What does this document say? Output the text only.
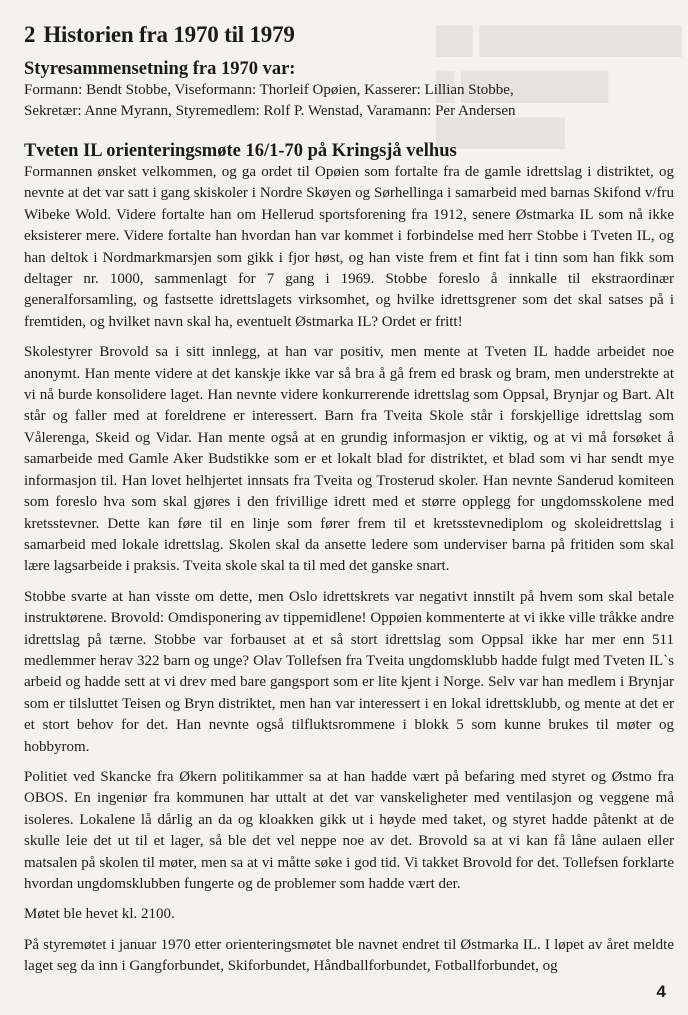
██ ███████████
█ ████████
███████
2 Historien fra 1970 til 1979
Styresammensetning fra 1970 var:

Formann: Bendt Stobbe, Viseformann: Thorleif Opøien, Kasserer: Lillian Stobbe,

Sekretær: Anne Myrann, Styremedlem: Rolf P. Wenstad, Varamann: Per Andersen

Tveten IL orienteringsmøte 16/1-70 på Kringsjå velhus

Formannen ønsket velkommen, og ga ordet til Opøien som fortalte fra de gamle idrettslag i distriktet, og nevnte at det var satt i gang skiskoler i Nordre Skøyen og Sørhellinga i samarbeid med barnas Skifond v/fru Wibeke Wold. Videre fortalte han om Hellerud sportsforening fra 1912, senere Østmarka IL som nå ikke eksisterer mere. Videre fortalte han hvordan han var kommet i forbindelse med herr Stobbe i Tveten IL, og han deltok i Nordmarkmarsjen som gikk i fjor høst, og han viste frem et fint fat i tinn som han fikk som deltager nr. 1000, sammenlagt for 7 gang i 1969. Stobbe foreslo å innkalle til ekstraordinær generalforsamling, og fastsette idrettslagets virksomhet, og hvilke idrettsgrener som det skal satses på i fremtiden, og hvilket navn skal ha, eventuelt Østmarka IL? Ordet er fritt!

Skolestyrer Brovold sa i sitt innlegg, at han var positiv, men mente at Tveten IL hadde arbeidet noe anonymt. Han mente videre at det kanskje ikke var så bra å gå frem ed brask og bram, men understrekte at vi nå burde konsolidere laget. Han nevnte videre konkurrerende idrettslag som Oppsal, Brynjar og Bart. Alt står og faller med at foreldrene er interessert. Barn fra Tveita Skole står i forskjellige idrettslag som Vålerenga, Skeid og Vidar. Han mente også at en grundig informasjon er viktig, og at vi må forsøket å samarbeide med Gamle Aker Budstikke som er et lokalt blad for distriktet, et blad som vi har sendt mye informasjon til. Han lovet helhjertet innsats fra Tveita og Trosterud skoler. Han nevnte Sanderud komiteen som foreslo hva som skal gjøres i den frivillige idrett med et større opplegg for ungdomsskolene med kretsstevner. Dette kan føre til en linje som fører frem til et kretsstevnediplom og skoleidrettslag i samarbeid med lokale idrettslag. Skolen skal da ansette ledere som underviser barna på fritiden som skal lære lagsarbeide i praksis. Tveita skole skal ta til med det ganske snart.

Stobbe svarte at han visste om dette, men Oslo idrettskrets var negativt innstilt på hvem som skal betale instruktørene. Brovold: Omdisponering av tippemidlene! Oppøien kommenterte at vi ikke ville tråkke andre idrettslag på tærne. Stobbe var forbauset at et så stort idrettslag som Oppsal ikke har mer enn 511 medlemmer herav 322 barn og unge? Olav Tollefsen fra Tveita ungdomsklubb hadde fulgt med Tveten IL`s arbeid og hadde sett at vi drev med bare gangsport som er lite kjent i Norge. Selv var han medlem i Brynjar som er tilsluttet Teisen og Bryn distriktet, men han var interessert i en lokal idrettsklubb, og mente at det er et stort behov for det. Han nevnte også tilfluktsrommene i blokk 5 som kunne brukes til møter og hobbyrom.

Politiet ved Skancke fra Økern politikammer sa at han hadde vært på befaring med styret og Østmo fra OBOS. En ingeniør fra kommunen har uttalt at det var vanskeligheter med ventilasjon og veggene må isoleres. Lokalene lå dårlig an da og kloakken gikk ut i høyde med taket, og styret hadde påtenkt at de skulle leie det ut til et lager, så ble det vel neppe noe av det. Brovold sa at vi kan få låne aulaen eller matsalen på skolen til møter, men sa at vi måtte søke i god tid. Vi takket Brovold for det. Tollefsen forklarte hvordan ungdomsklubben fungerte og de problemer som hadde vært der.

Møtet ble hevet kl. 2100.

På styremøtet i januar 1970 etter orienteringsmøtet ble navnet endret til Østmarka IL. I løpet av året meldte laget seg da inn i Gangforbundet, Skiforbundet, Håndballforbundet, Fotballforbundet, og

4
